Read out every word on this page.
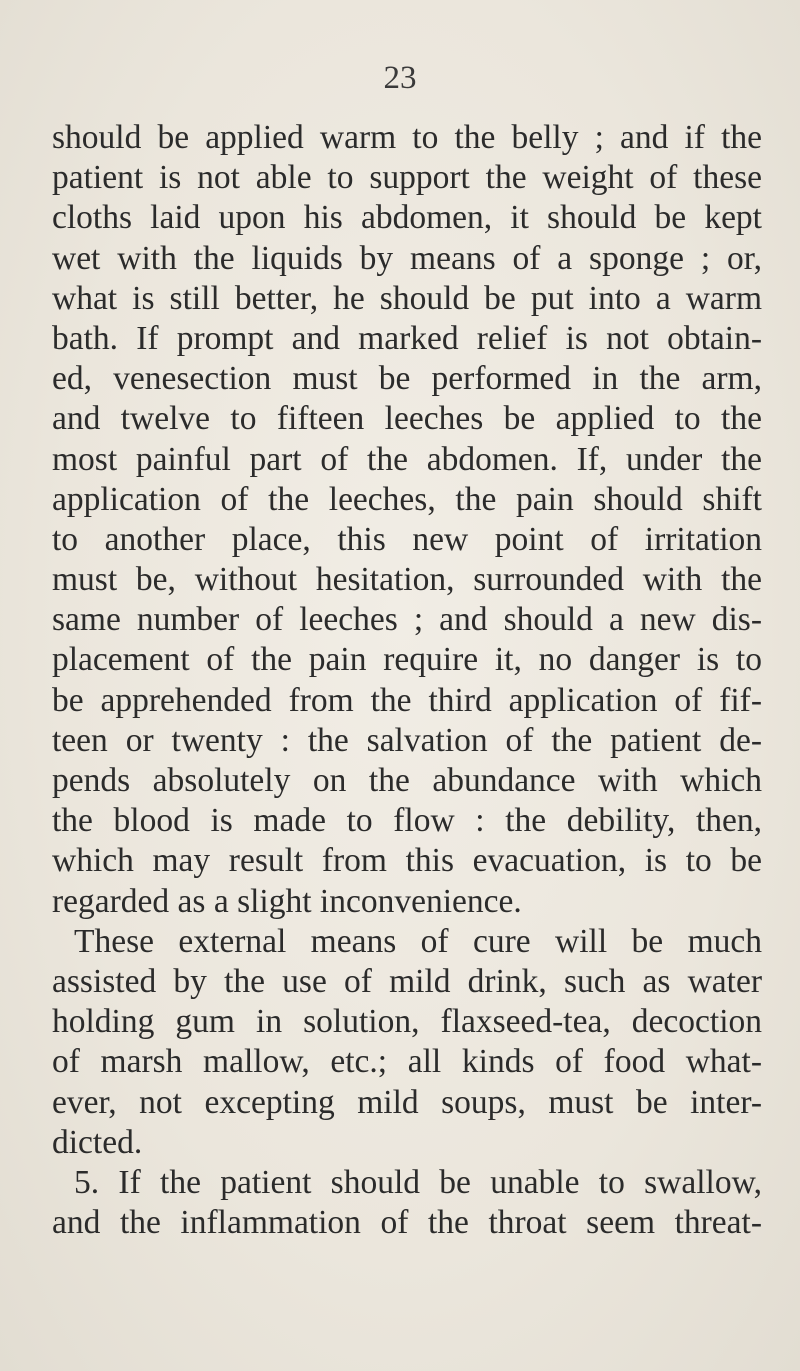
23
should be applied warm to the belly ; and if the
patient is not able to support the weight of these
cloths laid upon his abdomen, it should be kept
wet with the liquids by means of a sponge ; or,
what is still better, he should be put into a warm
bath. If prompt and marked relief is not obtain-
ed, venesection must be performed in the arm,
and twelve to fifteen leeches be applied to the
most painful part of the abdomen. If, under the
application of the leeches, the pain should shift
to another place, this new point of irritation
must be, without hesitation, surrounded with the
same number of leeches ; and should a new dis-
placement of the pain require it, no danger is to
be apprehended from the third application of fif-
teen or twenty : the salvation of the patient de-
pends absolutely on the abundance with which
the blood is made to flow : the debility, then,
which may result from this evacuation, is to be
regarded as a slight inconvenience.
These external means of cure will be much
assisted by the use of mild drink, such as water
holding gum in solution, flaxseed-tea, decoction
of marsh mallow, etc.; all kinds of food what-
ever, not excepting mild soups, must be inter-
dicted.
5. If the patient should be unable to swallow,
and the inflammation of the throat seem threat-
